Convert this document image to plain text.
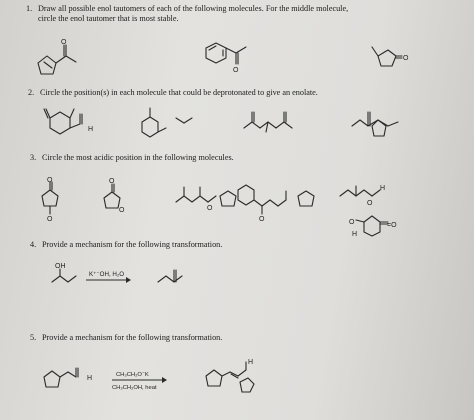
1. Draw all possible enol tautomers of each of the following molecules. For the middle molecule,
circle the enol tautomer that is most stable.
2. Circle the position(s) in each molecule that could be deprotonated to give an enolate.
3. Circle the most acidic position in the following molecules.
4. Provide a mechanism for the following transformation.
5. Provide a mechanism for the following transformation.
O
O
O
H
O
O
O
O	O
O
O
H
O	=O
H
OH
K⁺⁻OH, H₂O
H	CH₃CH₂O⁻K
CH₃CH₂OH, heat
H
